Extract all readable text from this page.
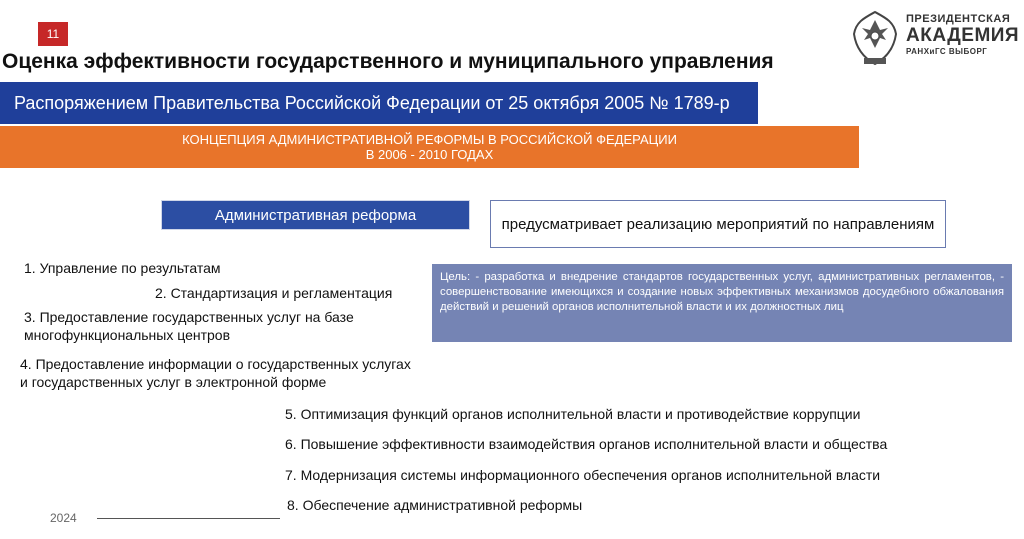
11
Оценка эффективности государственного и муниципального управления
ПРЕЗИДЕНТСКАЯ
АКАДЕМИЯ
РАНХиГС ВЫБОРГ
Распоряжением Правительства Российской Федерации от 25 октября 2005 № 1789-р
КОНЦЕПЦИЯ АДМИНИСТРАТИВНОЙ РЕФОРМЫ В РОССИЙСКОЙ ФЕДЕРАЦИИ
В 2006 - 2010 ГОДАХ
Административная реформа
предусматривает реализацию мероприятий по направлениям
Цель: - разработка и внедрение стандартов государственных услуг, административных регламентов, - совершенствование имеющихся и создание новых эффективных механизмов досудебного обжалования действий и решений органов исполнительной власти и их должностных лиц
1. Управление по результатам
2. Стандартизация и регламентация
3. Предоставление государственных услуг на базе многофункциональных центров
4. Предоставление информации о государственных услугах и государственных услуг в электронной форме
5. Оптимизация функций органов исполнительной власти и противодействие коррупции
6. Повышение эффективности взаимодействия органов исполнительной власти и общества
7. Модернизация системы информационного обеспечения органов исполнительной власти
8. Обеспечение административной реформы
2024
